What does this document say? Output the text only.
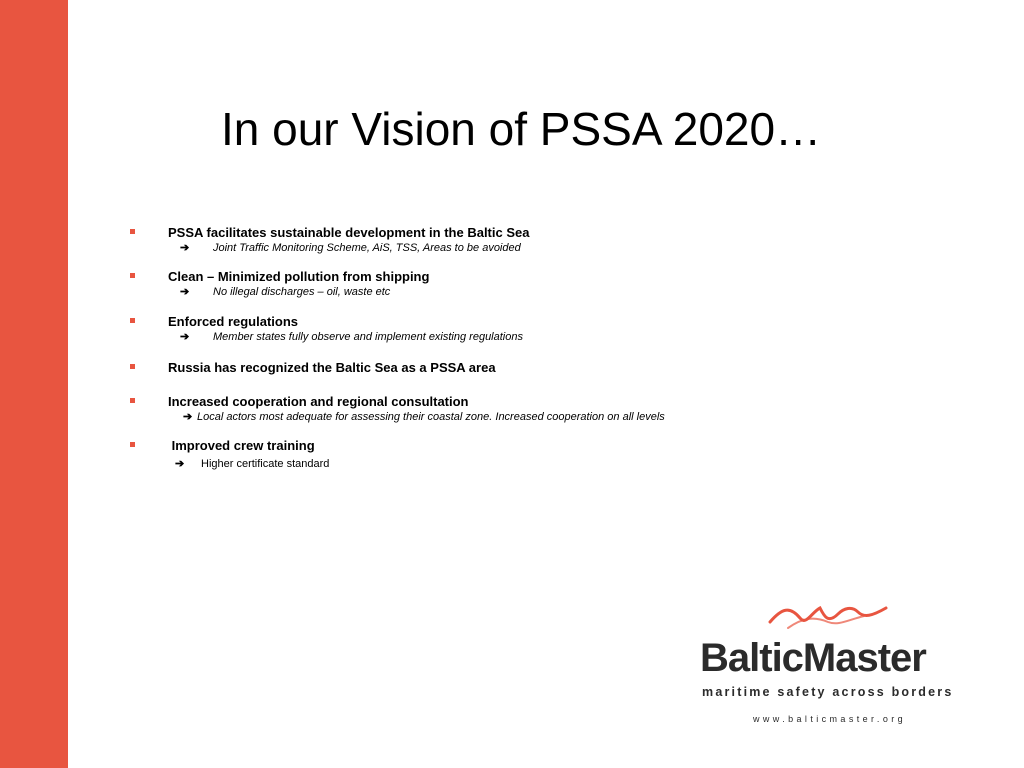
In our Vision of PSSA 2020…
PSSA facilitates sustainable development in the Baltic Sea
➔ Joint Traffic Monitoring Scheme, AiS, TSS, Areas to be avoided
Clean – Minimized pollution from shipping
➔ No illegal discharges – oil, waste etc
Enforced regulations
➔ Member states fully observe and implement existing regulations
Russia has recognized the Baltic Sea as a PSSA area
Increased cooperation and regional consultation
➔ Local actors most adequate for assessing their coastal zone. Increased cooperation on all levels
Improved crew training
➔ Higher certificate standard
BalticMaster
maritime safety across borders
www.balticmaster.org
